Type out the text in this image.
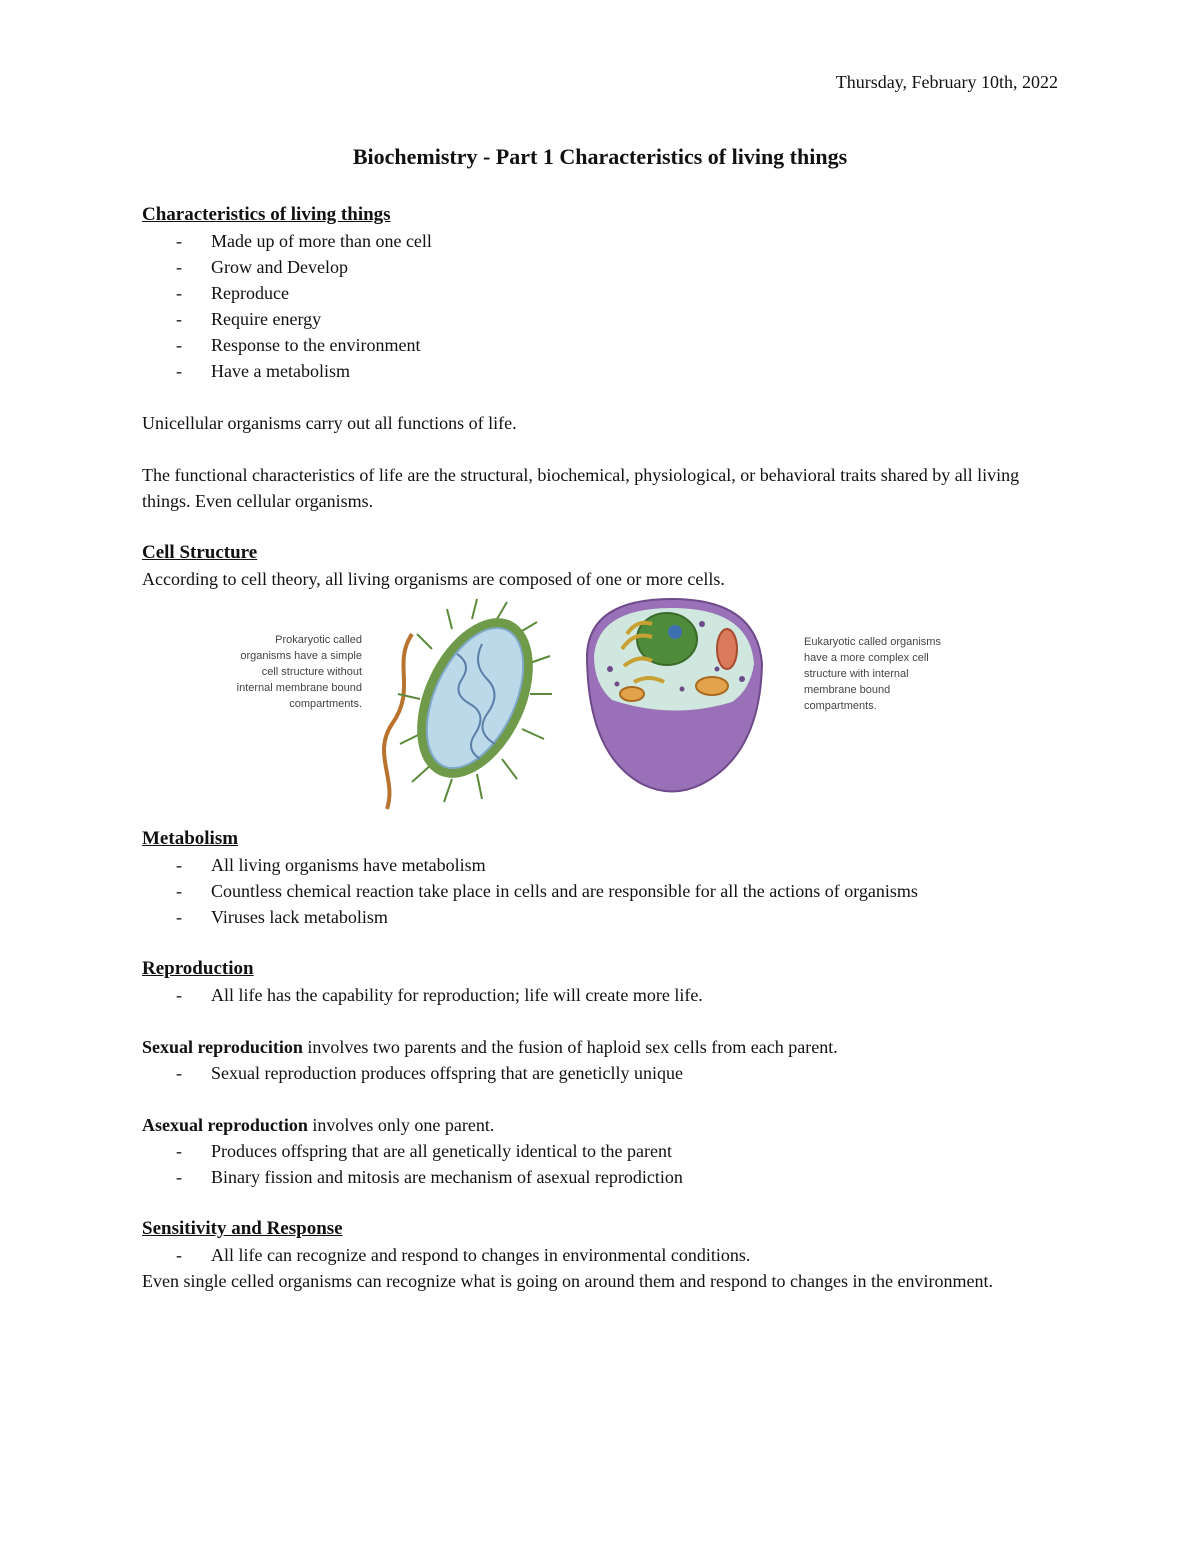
Thursday, February 10th, 2022
Biochemistry - Part 1 Characteristics of living things
Characteristics of living things
- Made up of more than one cell
- Grow and Develop
- Reproduce
- Require energy
- Response to the environment
- Have a metabolism

Unicellular organisms carry out all functions of life.

The functional characteristics of life are the structural, biochemical, physiological, or behavioral traits shared by all living things. Even cellular organisms.

Cell Structure

According to cell theory, all living organisms are composed of one or more cells.

Prokaryotic called organisms have a simple cell structure without internal membrane bound compartments.
Eukaryotic called organisms have a more complex cell structure with internal membrane bound compartments.
Metabolism
- All living organisms have metabolism
- Countless chemical reaction take place in cells and are responsible for all the actions of organisms
- Viruses lack metabolism
Reproduction
- All life has the capability for reproduction; life will create more life.

Sexual reproducition involves two parents and the fusion of haploid sex cells from each parent.

- Sexual reproduction produces offspring that are geneticlly unique

Asexual reproduction involves only one parent.

- Produces offspring that are all genetically identical to the parent
- Binary fission and mitosis are mechanism of asexual reprodiction
Sensitivity and Response
- All life can recognize and respond to changes in environmental conditions.

Even single celled organisms can recognize what is going on around them and respond to changes in the environment.
